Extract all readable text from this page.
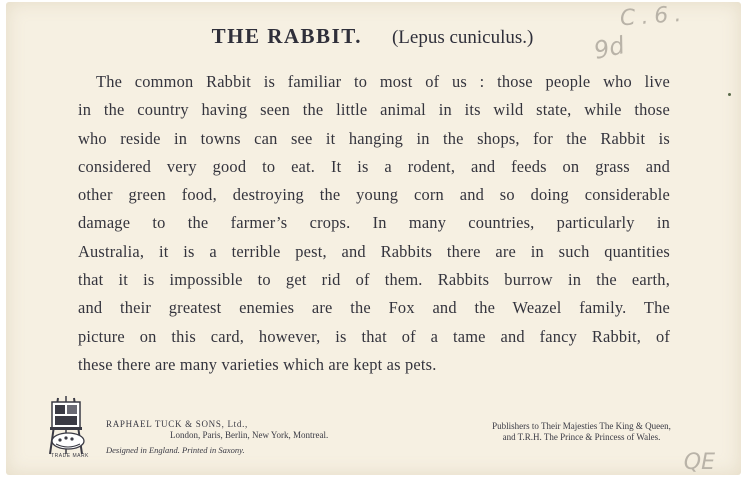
THE RABBIT. (Lepus cuniculus.)
C.6.
9d
The common Rabbit is familiar to most of us : those people who live
in the country having seen the little animal in its wild state, while those
who reside in towns can see it hanging in the shops, for the Rabbit is
considered very good to eat. It is a rodent, and feeds on grass and
other green food, destroying the young corn and so doing considerable
damage to the farmer’s crops. In many countries, particularly in
Australia, it is a terrible pest, and Rabbits there are in such quantities
that it is impossible to get rid of them. Rabbits burrow in the earth,
and their greatest enemies are the Fox and the Weazel family. The
picture on this card, however, is that of a tame and fancy Rabbit, of
these there are many varieties which are kept as pets.
TRADE MARK
RAPHAEL TUCK & SONS, Ltd.,
London, Paris, Berlin, New York, Montreal.
Designed in England. Printed in Saxony.
Publishers to Their Majesties The King & Queen,
and T.R.H. The Prince & Princess of Wales.
QE
